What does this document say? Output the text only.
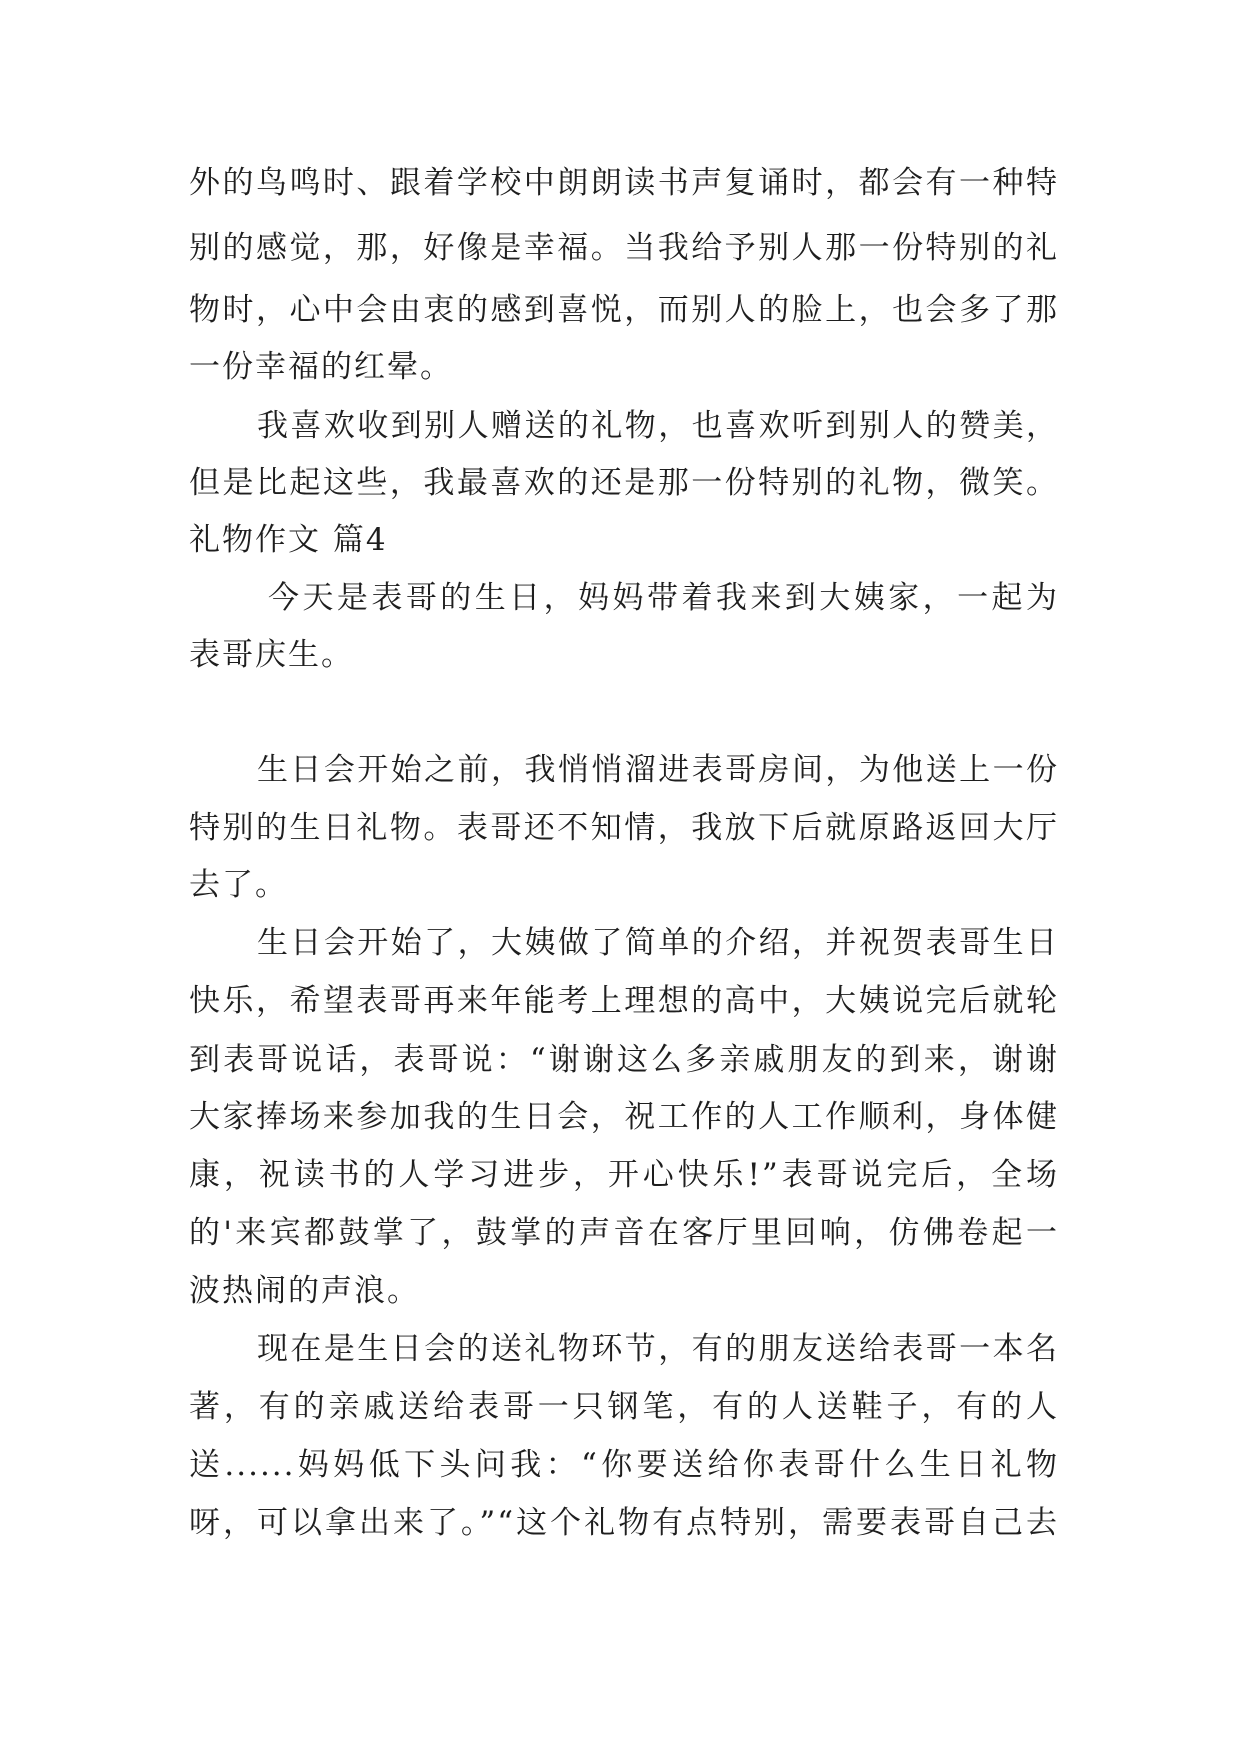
外的鸟鸣时、跟着学校中朗朗读书声复诵时，都会有一种特
别的感觉，那，好像是幸福。当我给予别人那一份特别的礼
物时，心中会由衷的感到喜悦，而别人的脸上，也会多了那
一份幸福的红晕。
我喜欢收到别人赠送的礼物，也喜欢听到别人的赞美，
但是比起这些，我最喜欢的还是那一份特别的礼物，微笑。
礼物作文 篇4
今天是表哥的生日，妈妈带着我来到大姨家，一起为
表哥庆生。
生日会开始之前，我悄悄溜进表哥房间，为他送上一份
特别的生日礼物。表哥还不知情，我放下后就原路返回大厅
去了。
生日会开始了，大姨做了简单的介绍，并祝贺表哥生日
快乐，希望表哥再来年能考上理想的高中，大姨说完后就轮
到表哥说话，表哥说：“谢谢这么多亲戚朋友的到来，谢谢
大家捧场来参加我的生日会，祝工作的人工作顺利，身体健
康，祝读书的人学习进步，开心快乐!”表哥说完后，全场
的'来宾都鼓掌了，鼓掌的声音在客厅里回响，仿佛卷起一
波热闹的声浪。
现在是生日会的送礼物环节，有的朋友送给表哥一本名
著，有的亲戚送给表哥一只钢笔，有的人送鞋子，有的人
送......妈妈低下头问我：“你要送给你表哥什么生日礼物
呀，可以拿出来了。”“这个礼物有点特别，需要表哥自己去
